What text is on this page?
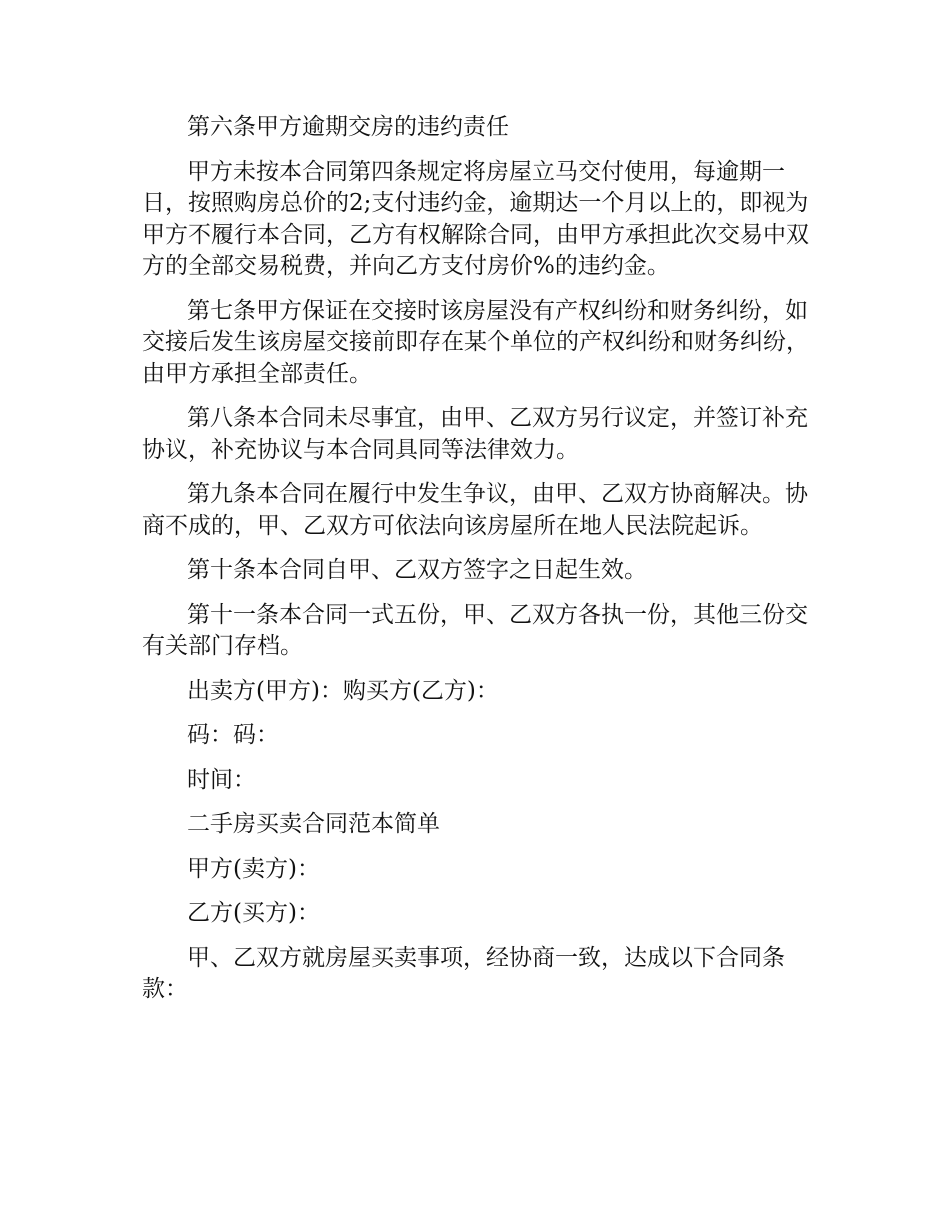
第六条甲方逾期交房的违约责任

甲方未按本合同第四条规定将房屋立马交付使用，每逾期一日，按照购房总价的2;支付违约金，逾期达一个月以上的，即视为甲方不履行本合同，乙方有权解除合同，由甲方承担此次交易中双方的全部交易税费，并向乙方支付房价%的违约金。

第七条甲方保证在交接时该房屋没有产权纠纷和财务纠纷，如交接后发生该房屋交接前即存在某个单位的产权纠纷和财务纠纷，由甲方承担全部责任。

第八条本合同未尽事宜，由甲、乙双方另行议定，并签订补充协议，补充协议与本合同具同等法律效力。

第九条本合同在履行中发生争议，由甲、乙双方协商解决。协商不成的，甲、乙双方可依法向该房屋所在地人民法院起诉。

第十条本合同自甲、乙双方签字之日起生效。

第十一条本合同一式五份，甲、乙双方各执一份，其他三份交有关部门存档。

出卖方(甲方)：购买方(乙方)：

码：码：

时间：

二手房买卖合同范本简单

甲方(卖方)：

乙方(买方)：

甲、乙双方就房屋买卖事项，经协商一致，达成以下合同条款：
